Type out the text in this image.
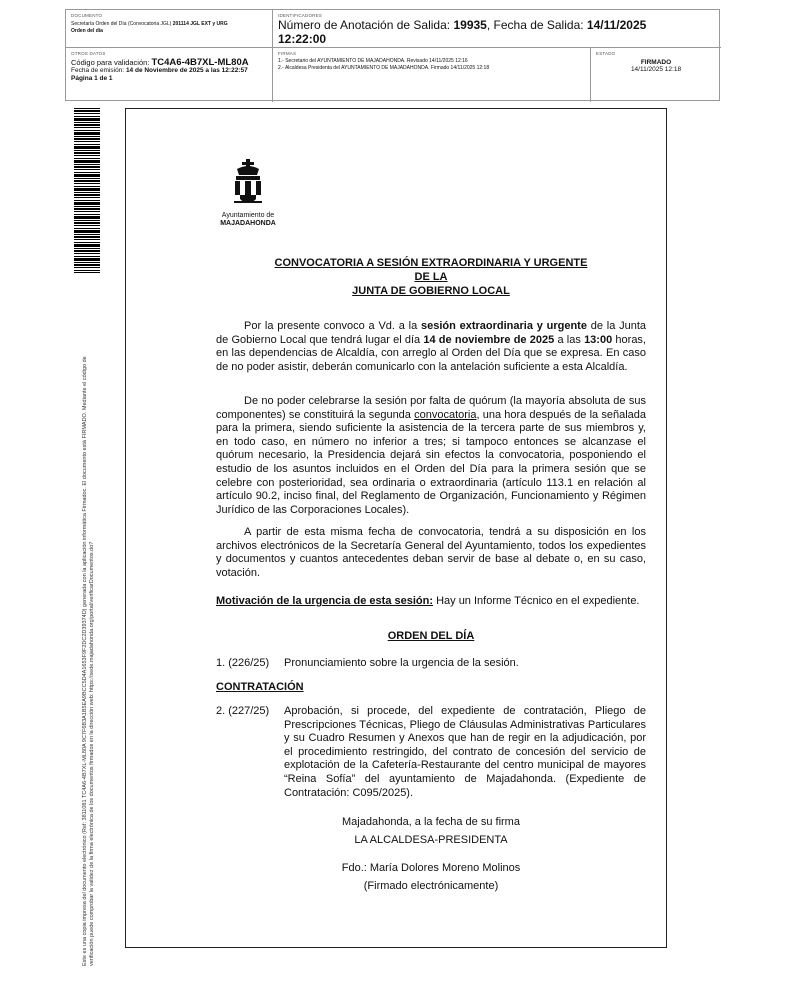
DOCUMENTO
Secretaría Orden del Día (Convocatoria JGL) 201114 JGL EXT y URG
Orden del día
IDENTIFICADORES
Número de Anotación de Salida: 19935, Fecha de Salida: 14/11/2025
12:22:00
OTROS DATOS
Código para validación: TC4A6-4B7XL-ML80A
Fecha de emisión: 14 de Noviembre de 2025 a las 12:22:57
Página 1 de 1
FIRMAS
1.- Secretario del AYUNTAMIENTO DE MAJADAHONDA. Revisado 14/11/2025 12:16
2.- Alcaldesa Presidenta del AYUNTAMIENTO DE MAJADAHONDA. Firmado 14/11/2025 12:18
ESTADO
FIRMADO
14/11/2025 12:18
Este es una copia impresa del documento electrónico (Ref: 3811081 TC4A6-4B7XL-ML80A 9C7F6B3A1B5EA9BCC5D4A1653F9F2DC2D39374D) generada con la aplicación informática Firmadoc. El documento está FIRMADO. Mediante el código de verificación puede comprobar la validez de la firma electrónica de los documentos firmados en la dirección web: https://sede.majadahonda.org/portal/verificarDocumentos.do?
Ayuntamiento de
MAJADAHONDA
CONVOCATORIA A SESIÓN EXTRAORDINARIA Y URGENTE
DE LA
JUNTA DE GOBIERNO LOCAL
Por la presente convoco a Vd. a la sesión extraordinaria y urgente de la Junta de Gobierno Local que tendrá lugar el día 14 de noviembre de 2025 a las 13:00 horas, en las dependencias de Alcaldía, con arreglo al Orden del Día que se expresa. En caso de no poder asistir, deberán comunicarlo con la antelación suficiente a esta Alcaldía.
De no poder celebrarse la sesión por falta de quórum (la mayoría absoluta de sus componentes) se constituirá la segunda convocatoria, una hora después de la señalada para la primera, siendo suficiente la asistencia de la tercera parte de sus miembros y, en todo caso, en número no inferior a tres; si tampoco entonces se alcanzase el quórum necesario, la Presidencia dejará sin efectos la convocatoria, posponiendo el estudio de los asuntos incluidos en el Orden del Día para la primera sesión que se celebre con posterioridad, sea ordinaria o extraordinaria (artículo 113.1 en relación al artículo 90.2, inciso final, del Reglamento de Organización, Funcionamiento y Régimen Jurídico de las Corporaciones Locales).
A partir de esta misma fecha de convocatoria, tendrá a su disposición en los archivos electrónicos de la Secretaría General del Ayuntamiento, todos los expedientes y documentos y cuantos antecedentes deban servir de base al debate o, en su caso, votación.
Motivación de la urgencia de esta sesión: Hay un Informe Técnico en el expediente.
ORDEN DEL DÍA
1. (226/25) Pronunciamiento sobre la urgencia de la sesión.
CONTRATACIÓN
2. (227/25) Aprobación, si procede, del expediente de contratación, Pliego de Prescripciones Técnicas, Pliego de Cláusulas Administrativas Particulares y su Cuadro Resumen y Anexos que han de regir en la adjudicación, por el procedimiento restringido, del contrato de concesión del servicio de explotación de la Cafetería-Restaurante del centro municipal de mayores “Reina Sofía” del ayuntamiento de Majadahonda. (Expediente de Contratación: C095/2025).
Majadahonda, a la fecha de su firma
LA ALCALDESA-PRESIDENTA
Fdo.: María Dolores Moreno Molinos
(Firmado electrónicamente)
